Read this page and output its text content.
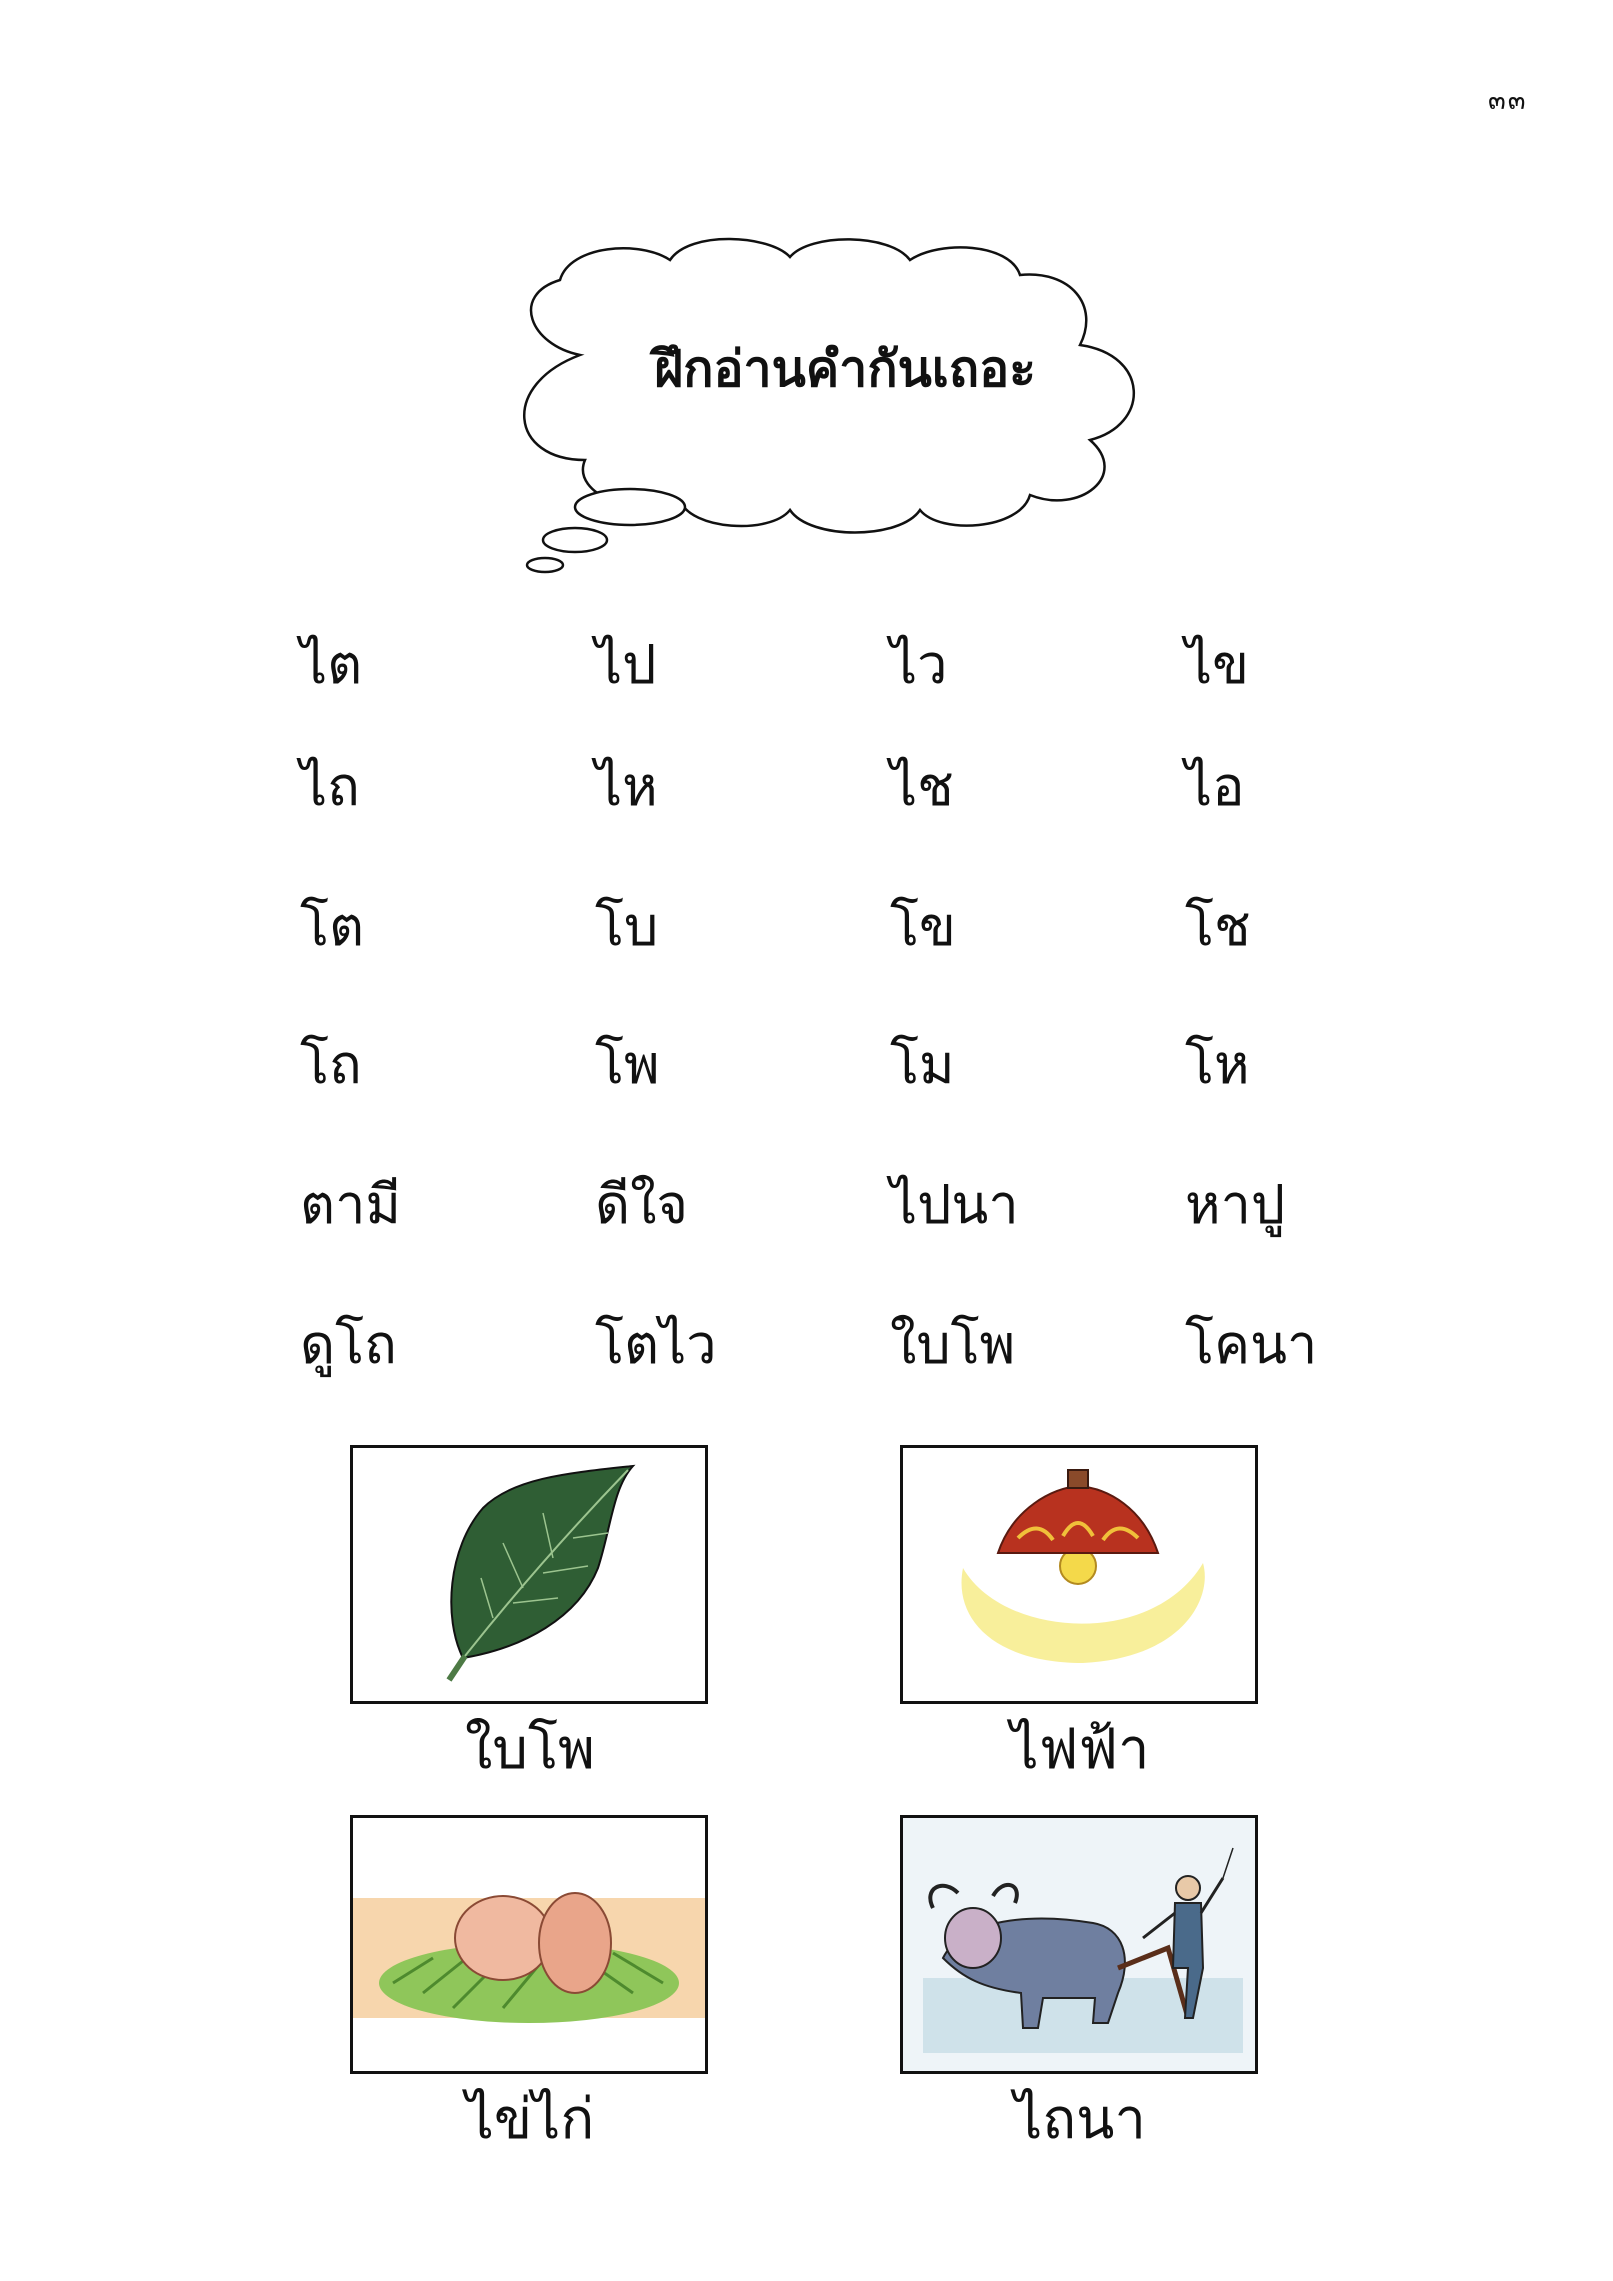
๓๓
ฝึกอ่านคำกันเถอะ
ไต	ไป	ไว	ไข
ไถ	ไห	ไช	ไอ
โต	โบ	โข	โช
โถ	โพ	โม	โห
ตามี	ดีใจ	ไปนา	หาปู
ดูโถ	โตไว	ใบโพ	โคนา
ใบโพ	ไฟฟ้า
ไข่ไก่	ไถนา
